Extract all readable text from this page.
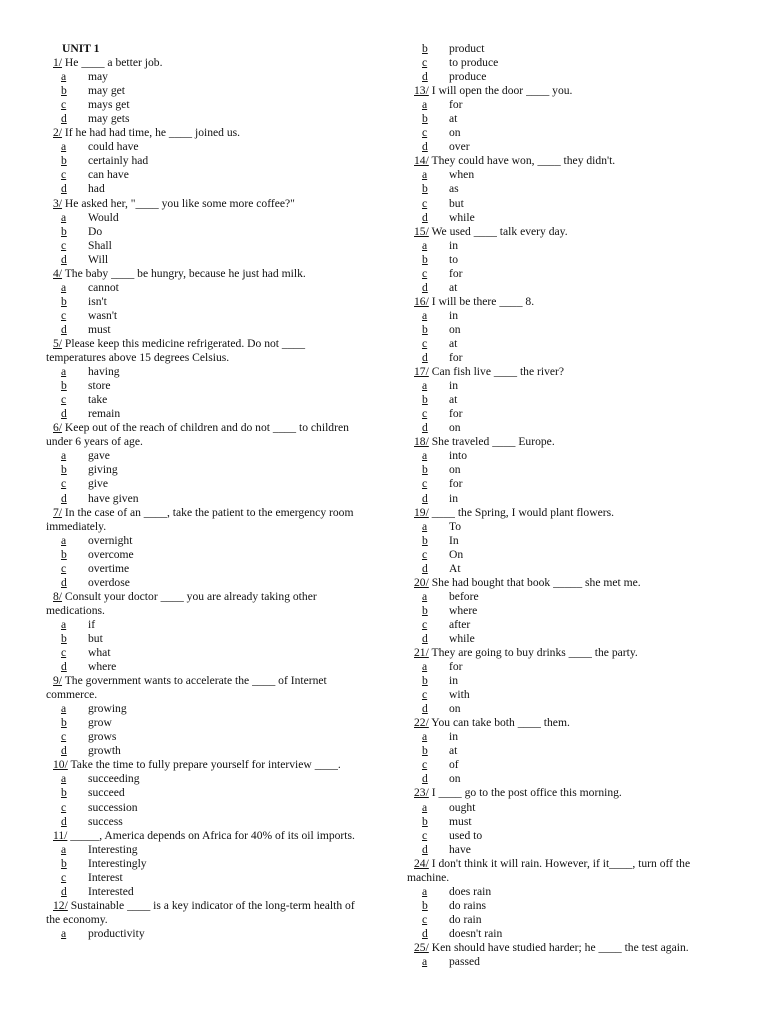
UNIT 1
1/ He ____ a better job.
a may
b may get
c mays get
d may gets
2/ If he had had time, he ____ joined us.
a could have
b certainly had
c can have
d had
3/ He asked her, "____ you like some more coffee?"
a Would
b Do
c Shall
d Will
4/ The baby ____ be hungry, because he just had milk.
a cannot
b isn't
c wasn't
d must
5/ Please keep this medicine refrigerated. Do not ____ temperatures above 15 degrees Celsius.
a having
b store
c take
d remain
6/ Keep out of the reach of children and do not ____ to children under 6 years of age.
a gave
b giving
c give
d have given
7/ In the case of an ____, take the patient to the emergency room immediately.
a overnight
b overcome
c overtime
d overdose
8/ Consult your doctor ____ you are already taking other medications.
a if
b but
c what
d where
9/ The government wants to accelerate the ____ of Internet commerce.
a growing
b grow
c grows
d growth
10/ Take the time to fully prepare yourself for interview ____.
a succeeding
b succeed
c succession
d success
11/ _____, America depends on Africa for 40% of its oil imports.
a Interesting
b Interestingly
c Interest
d Interested
12/ Sustainable ____ is a key indicator of the long-term health of the economy.
a productivity
b product
c to produce
d produce
13/ I will open the door ____ you.
a for
b at
c on
d over
14/ They could have won, ____ they didn't.
a when
b as
c but
d while
15/ We used ____ talk every day.
a in
b to
c for
d at
16/ I will be there ____ 8.
a in
b on
c at
d for
17/ Can fish live ____ the river?
a in
b at
c for
d on
18/ She traveled ____ Europe.
a into
b on
c for
d in
19/ ____ the Spring, I would plant flowers.
a To
b In
c On
d At
20/ She had bought that book _____ she met me.
a before
b where
c after
d while
21/ They are going to buy drinks ____ the party.
a for
b in
c with
d on
22/ You can take both ____ them.
a in
b at
c of
d on
23/ I ____ go to the post office this morning.
a ought
b must
c used to
d have
24/ I don't think it will rain. However, if it____, turn off the machine.
a does rain
b do rains
c do rain
d doesn't rain
25/ Ken should have studied harder; he ____ the test again.
a passed
